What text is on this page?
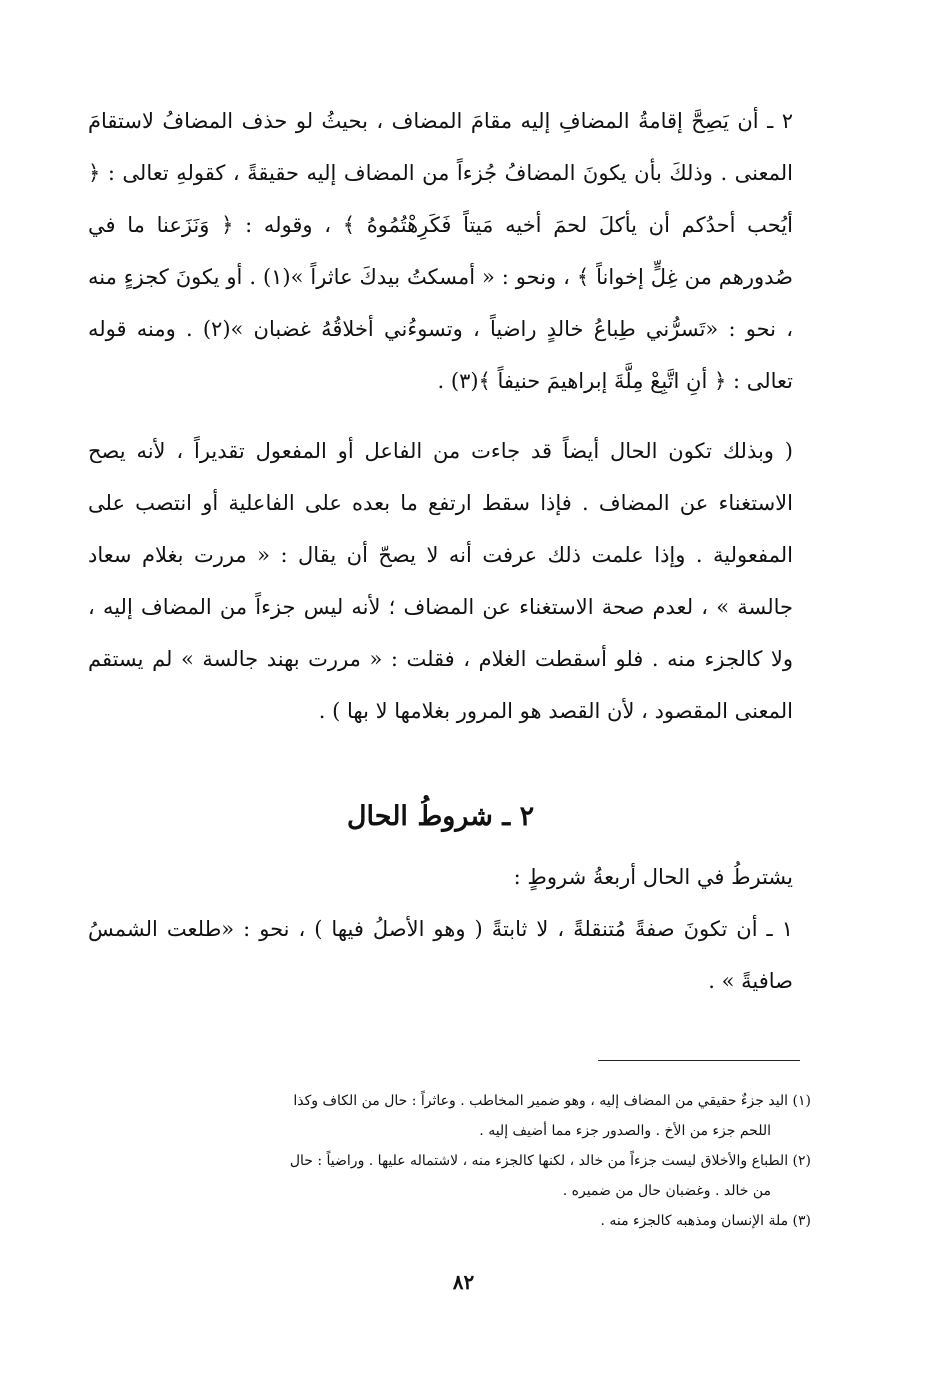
٢ ـ أن يَصِحَّ إقامةُ المضافِ إليه مقامَ المضاف ، بحيثُ لو حذف المضافُ لاستقامَ المعنى . وذلكَ بأن يكونَ المضافُ جُزءاً من المضاف إليه حقيقةً ، كقولهِ تعالى : ﴿ أيُحب أحدُكم أن يأكلَ لحمَ أخيه مَيتاً فَكَرِهْتُمُوهُ ﴾ ، وقوله : ﴿ وَنَزَعنا ما في صُدورهم من غِلٍّ إخواناً ﴾ ، ونحو : « أمسكتُ بيدكَ عاثراً »(١) . أو يكونَ كجزءٍ منه ، نحو : «تَسرُّني طِباعُ خالدٍ راضياً ، وتسوءُني أخلاقُهُ غضبان »(٢) . ومنه قوله تعالى : ﴿ أنِ اتَّبِعْ مِلَّةَ إبراهيمَ حنيفاً ﴾(٣) .

( وبذلك تكون الحال أيضاً قد جاءت من الفاعل أو المفعول تقديراً ، لأنه يصح الاستغناء عن المضاف . فإذا سقط ارتفع ما بعده على الفاعلية أو انتصب على المفعولية . وإذا علمت ذلك عرفت أنه لا يصحّ أن يقال : « مررت بغلام سعاد جالسة » ، لعدم صحة الاستغناء عن المضاف ؛ لأنه ليس جزءاً من المضاف إليه ، ولا كالجزء منه . فلو أسقطت الغلام ، فقلت : « مررت بهند جالسة » لم يستقم المعنى المقصود ، لأن القصد هو المرور بغلامها لا بها ) .

٢ ـ شروطُ الحال

يشترطُ في الحال أربعةُ شروطٍ :

١ ـ أن تكونَ صفةً مُتنقلةً ، لا ثابتةً ( وهو الأصلُ فيها ) ، نحو : «طلعت الشمسُ صافيةً » .

(١) اليد جزءٌ حقيقي من المضاف إليه ، وهو ضمير المخاطب . وعاثراً : حال من الكاف وكذا
اللحم جزء من الأخ . والصدور جزء مما أضيف إليه .

(٢) الطباع والأخلاق ليست جزءاً من خالد ، لكنها كالجزء منه ، لاشتماله عليها . وراضياً : حال
من خالد . وغضبان حال من ضميره .

(٣) ملة الإنسان ومذهبه كالجزء منه .

٨٢
